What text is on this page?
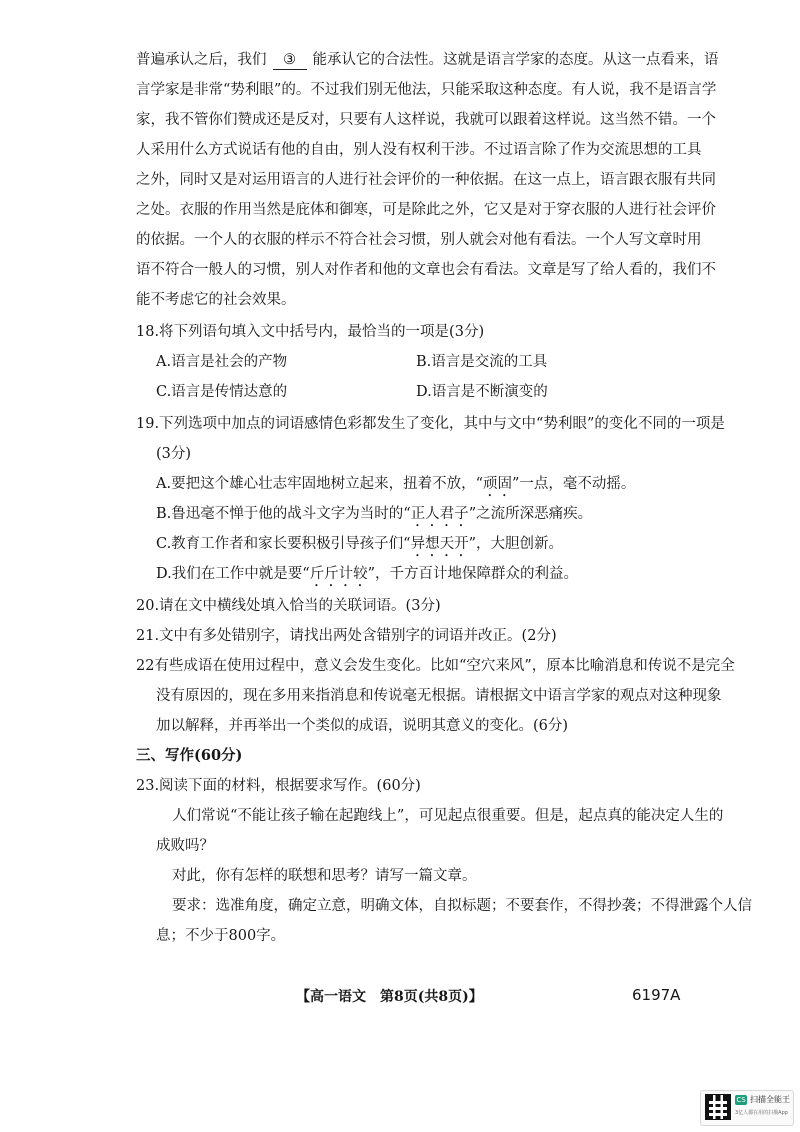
普遍承认之后，我们 ③ 能承认它的合法性。这就是语言学家的态度。从这一点看来，语
言学家是非常“势利眼”的。不过我们别无他法，只能采取这种态度。有人说，我不是语言学
家，我不管你们赞成还是反对，只要有人这样说，我就可以跟着这样说。这当然不错。一个
人采用什么方式说话有他的自由，别人没有权利干涉。不过语言除了作为交流思想的工具
之外，同时又是对运用语言的人进行社会评价的一种依据。在这一点上，语言跟衣服有共同
之处。衣服的作用当然是庇体和御寒，可是除此之外，它又是对于穿衣服的人进行社会评价
的依据。一个人的衣服的样示不符合社会习惯，别人就会对他有看法。一个人写文章时用
语不符合一般人的习惯，别人对作者和他的文章也会有看法。文章是写了给人看的，我们不
能不考虑它的社会效果。
18.将下列语句填入文中括号内，最恰当的一项是(3分)
A.语言是社会的产物	B.语言是交流的工具
C.语言是传情达意的	D.语言是不断演变的
19.下列选项中加点的词语感情色彩都发生了变化，其中与文中“势利眼”的变化不同的一项是
(3分)
A.要把这个雄心壮志牢固地树立起来，扭着不放，“顽固”一点，毫不动摇。
B.鲁迅毫不惮于他的战斗文字为当时的“正人君子”之流所深恶痛疾。
C.教育工作者和家长要积极引导孩子们“异想天开”，大胆创新。
D.我们在工作中就是要“斤斤计较”，千方百计地保障群众的利益。
20.请在文中横线处填入恰当的关联词语。(3分)
21.文中有多处错别字，请找出两处含错别字的词语并改正。(2分)
22有些成语在使用过程中，意义会发生变化。比如“空穴来风”，原本比喻消息和传说不是完全
没有原因的，现在多用来指消息和传说毫无根据。请根据文中语言学家的观点对这种现象
加以解释，并再举出一个类似的成语，说明其意义的变化。(6分)
三、写作(60分)
23.阅读下面的材料，根据要求写作。(60分)
人们常说“不能让孩子输在起跑线上”，可见起点很重要。但是，起点真的能决定人生的
成败吗？
对此，你有怎样的联想和思考？请写一篇文章。
要求：选准角度，确定立意，明确文体，自拟标题；不要套作，不得抄袭；不得泄露个人信
息；不少于800字。
【高一语文　第8页(共8页)】	6197A
CS 扫描全能王
3亿人都在用的扫描App
